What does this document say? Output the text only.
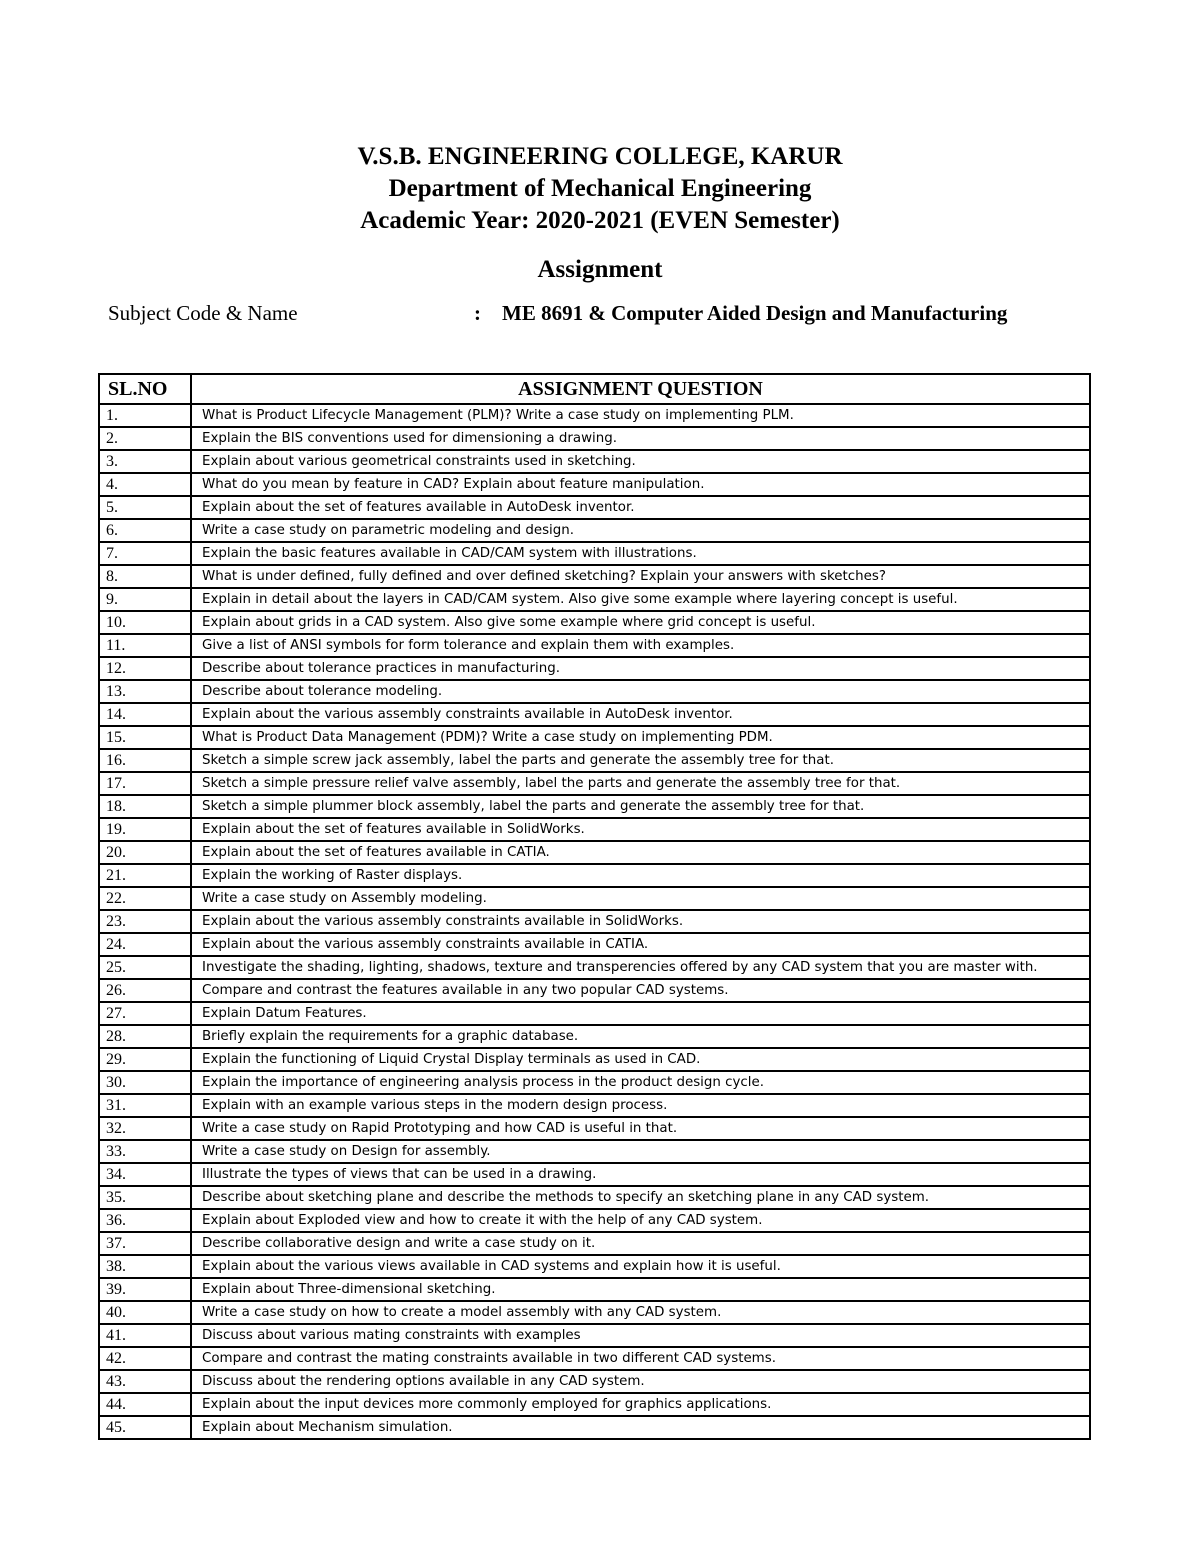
V.S.B. ENGINEERING COLLEGE, KARUR
Department of Mechanical Engineering
Academic Year: 2020-2021 (EVEN Semester)
Assignment
Subject Code & Name	: ME 8691 & Computer Aided Design and Manufacturing
SL.NO	ASSIGNMENT QUESTION
1.	What is Product Lifecycle Management (PLM)? Write a case study on implementing PLM.
2.	Explain the BIS conventions used for dimensioning a drawing.
3.	Explain about various geometrical constraints used in sketching.
4.	What do you mean by feature in CAD? Explain about feature manipulation.
5.	Explain about the set of features available in AutoDesk inventor.
6.	Write a case study on parametric modeling and design.
7.	Explain the basic features available in CAD/CAM system with illustrations.
8.	What is under defined, fully defined and over defined sketching? Explain your answers with sketches?
9.	Explain in detail about the layers in CAD/CAM system. Also give some example where layering concept is useful.
10.	Explain about grids in a CAD system. Also give some example where grid concept is useful.
11.	Give a list of ANSI symbols for form tolerance and explain them with examples.
12.	Describe about tolerance practices in manufacturing.
13.	Describe about tolerance modeling.
14.	Explain about the various assembly constraints available in AutoDesk inventor.
15.	What is Product Data Management (PDM)? Write a case study on implementing PDM.
16.	Sketch a simple screw jack assembly, label the parts and generate the assembly tree for that.
17.	Sketch a simple pressure relief valve assembly, label the parts and generate the assembly tree for that.
18.	Sketch a simple plummer block assembly, label the parts and generate the assembly tree for that.
19.	Explain about the set of features available in SolidWorks.
20.	Explain about the set of features available in CATIA.
21.	Explain the working of Raster displays.
22.	Write a case study on Assembly modeling.
23.	Explain about the various assembly constraints available in SolidWorks.
24.	Explain about the various assembly constraints available in CATIA.
25.	Investigate the shading, lighting, shadows, texture and transperencies offered by any CAD system that you are master with.
26.	Compare and contrast the features available in any two popular CAD systems.
27.	Explain Datum Features.
28.	Briefly explain the requirements for a graphic database.
29.	Explain the functioning of Liquid Crystal Display terminals as used in CAD.
30.	Explain the importance of engineering analysis process in the product design cycle.
31.	Explain with an example various steps in the modern design process.
32.	Write a case study on Rapid Prototyping and how CAD is useful in that.
33.	Write a case study on Design for assembly.
34.	Illustrate the types of views that can be used in a drawing.
35.	Describe about sketching plane and describe the methods to specify an sketching plane in any CAD system.
36.	Explain about Exploded view and how to create it with the help of any CAD system.
37.	Describe collaborative design and write a case study on it.
38.	Explain about the various views available in CAD systems and explain how it is useful.
39.	Explain about Three-dimensional sketching.
40.	Write a case study on how to create a model assembly with any CAD system.
41.	Discuss about various mating constraints with examples
42.	Compare and contrast the mating constraints available in two different CAD systems.
43.	Discuss about the rendering options available in any CAD system.
44.	Explain about the input devices more commonly employed for graphics applications.
45.	Explain about Mechanism simulation.
